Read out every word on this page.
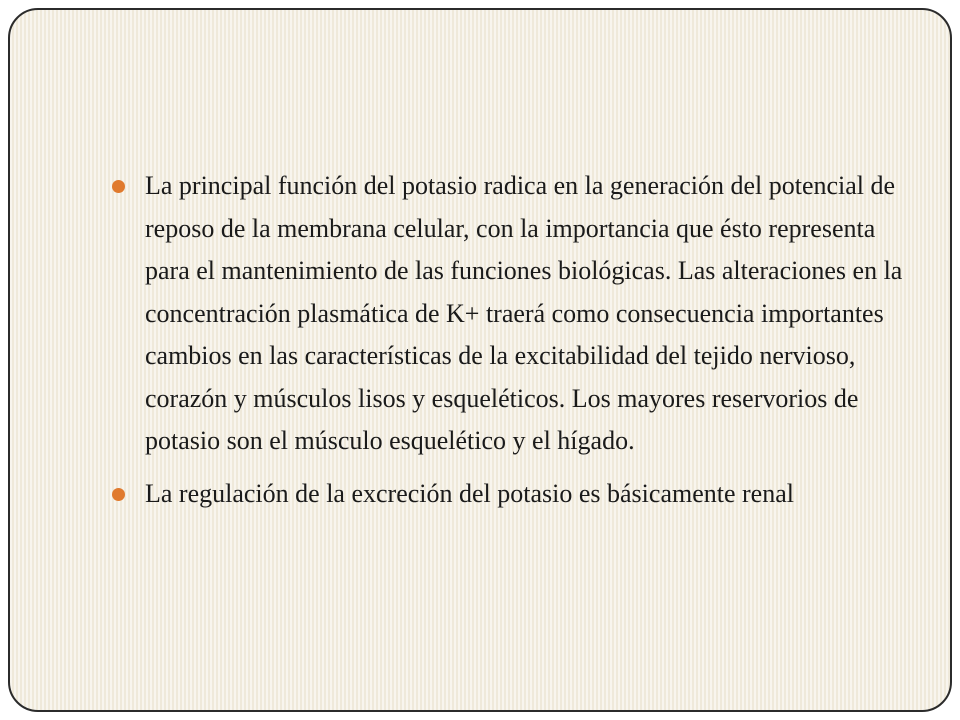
La principal función del potasio radica en la generación del potencial de reposo de la membrana celular, con la importancia que ésto representa para el mantenimiento de las funciones biológicas. Las alteraciones en la concentración plasmática de K+ traerá como consecuencia importantes cambios en las características de la excitabilidad del tejido nervioso, corazón y músculos lisos y esqueléticos. Los mayores reservorios de potasio son el músculo esquelético y el hígado.
La regulación de la excreción del potasio es básicamente renal
